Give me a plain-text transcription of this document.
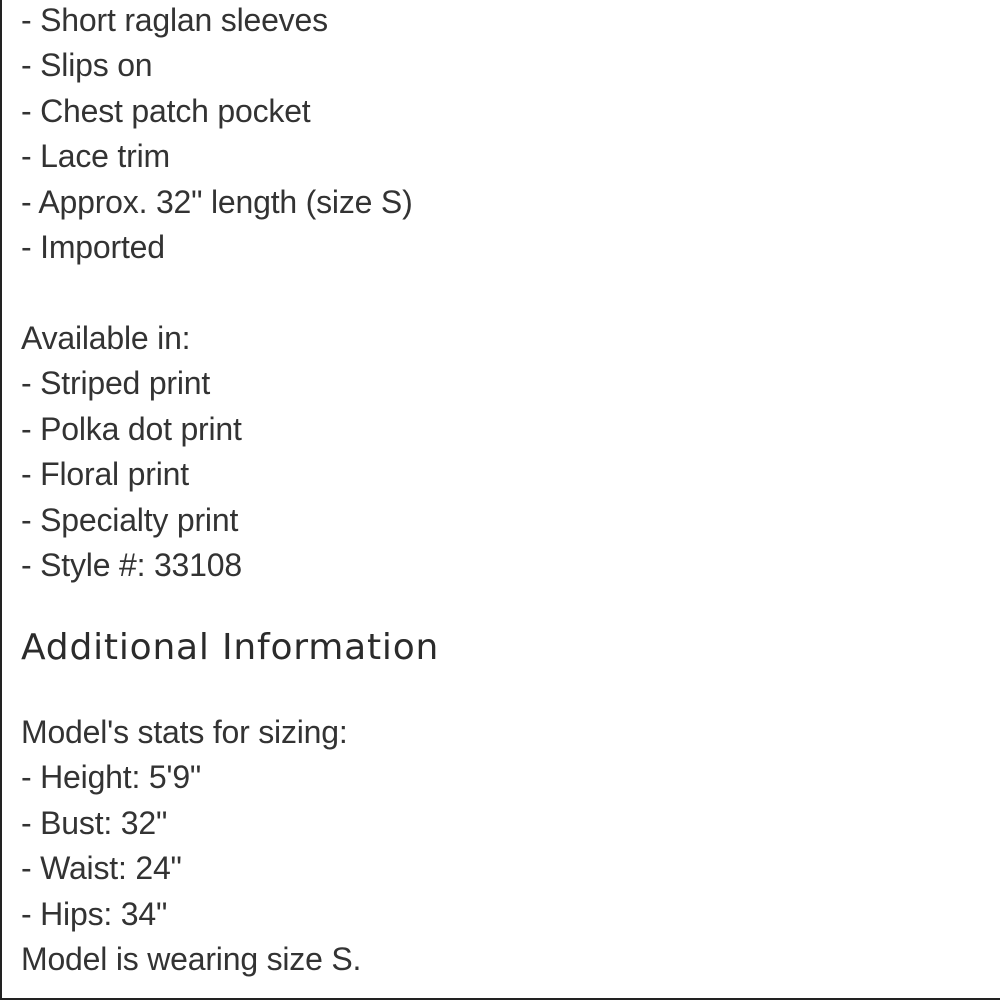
- Short raglan sleeves
- Slips on
- Chest patch pocket
- Lace trim
- Approx. 32" length (size S)
- Imported
Available in:
- Striped print
- Polka dot print
- Floral print
- Specialty print
- Style #: 33108
Additional Information
Model's stats for sizing:
- Height: 5'9"
- Bust: 32"
- Waist: 24"
- Hips: 34"
Model is wearing size S.
